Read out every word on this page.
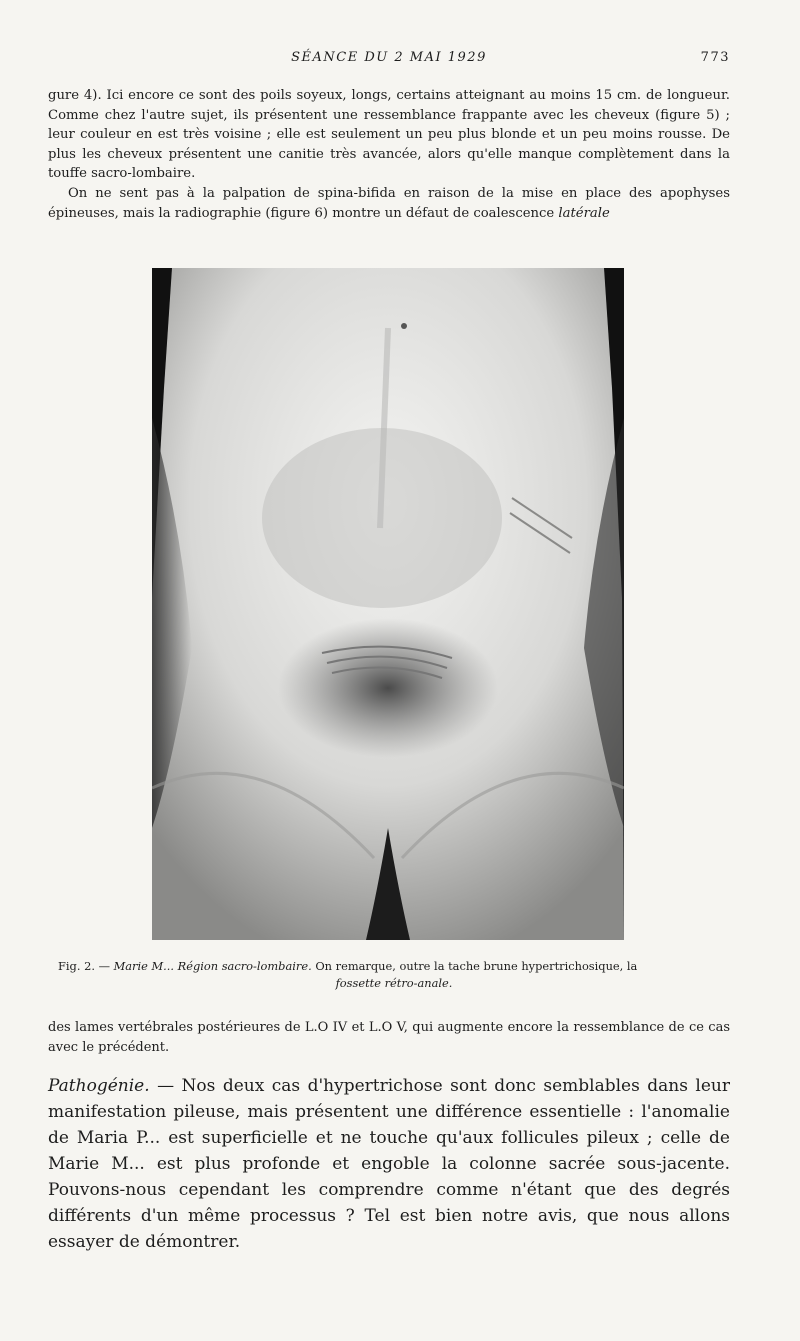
SÉANCE DU 2 MAI 1929	773

gure 4). Ici encore ce sont des poils soyeux, longs, certains atteignant au moins 15 cm. de longueur. Comme chez l'autre sujet, ils présentent une ressemblance frappante avec les cheveux (figure 5) ; leur couleur en est très voisine ; elle est seulement un peu plus blonde et un peu moins rousse. De plus les cheveux présentent une canitie très avancée, alors qu'elle manque complètement dans la touffe sacro-lombaire.

On ne sent pas à la palpation de spina-bifida en raison de la mise en place des apophyses épineuses, mais la radiographie (figure 6) montre un défaut de coalescence latérale

Fig. 2. — Marie M... Région sacro-lombaire. On remarque, outre la tache brune hypertrichosique, la
fossette rétro-anale.

des lames vertébrales postérieures de L.O IV et L.O V, qui augmente encore la ressemblance de ce cas avec le précédent.

Pathogénie. — Nos deux cas d'hypertrichose sont donc semblables dans leur manifestation pileuse, mais présentent une différence essentielle : l'anomalie de Maria P... est superficielle et ne touche qu'aux follicules pileux ; celle de Marie M... est plus profonde et engoble la colonne sacrée sous-jacente. Pouvons-nous cependant les comprendre comme n'étant que des degrés différents d'un même processus ? Tel est bien notre avis, que nous allons essayer de démontrer.
